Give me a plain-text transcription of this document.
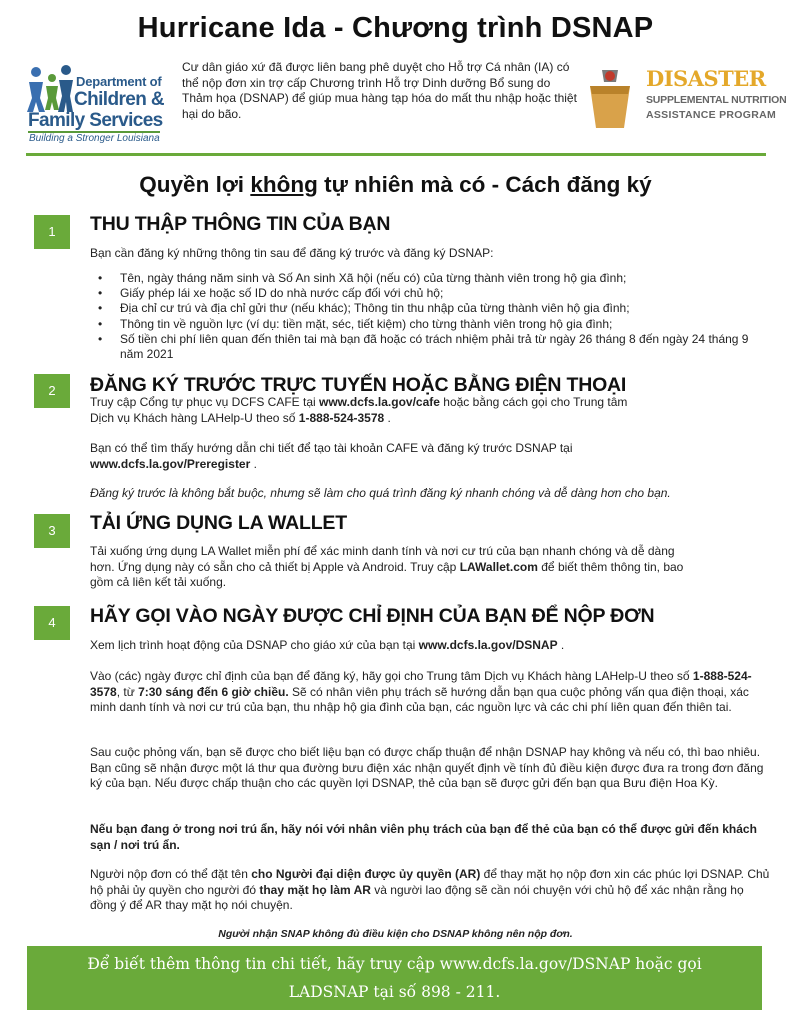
Hurricane Ida - Chương trình DSNAP
Department of
Children &
Family Services
Building a Stronger Louisiana
Cư dân giáo xứ đã được liên bang phê duyệt cho Hỗ trợ Cá nhân (IA) có thể nộp đơn xin trợ cấp Chương trình Hỗ trợ Dinh dưỡng Bổ sung do Thảm họa (DSNAP) để giúp mua hàng tạp hóa do mất thu nhập hoặc thiệt hại do bão.
DISASTER
SUPPLEMENTAL NUTRITION
ASSISTANCE PROGRAM
Quyền lợi không tự nhiên mà có - Cách đăng ký
1	THU THẬP THÔNG TIN CỦA BẠN
Bạn cần đăng ký những thông tin sau để đăng ký trước và đăng ký DSNAP:
• Tên, ngày tháng năm sinh và Số An sinh Xã hội (nếu có) của từng thành viên trong hộ gia đình;
• Giấy phép lái xe hoặc số ID do nhà nước cấp đối với chủ hộ;
• Địa chỉ cư trú và địa chỉ gửi thư (nếu khác); Thông tin thu nhập của từng thành viên hộ gia đình;
• Thông tin về nguồn lực (ví dụ: tiền mặt, séc, tiết kiệm) cho từng thành viên trong hộ gia đình;
• Số tiền chi phí liên quan đến thiên tai mà bạn đã hoặc có trách nhiệm phải trả từ ngày 26 tháng 8 đến ngày 24 tháng 9 năm 2021
2	ĐĂNG KÝ TRƯỚC TRỰC TUYẾN HOẶC BẰNG ĐIỆN THOẠI
Truy cập Cổng tự phục vụ DCFS CAFE tại www.dcfs.la.gov/cafe hoặc bằng cách gọi cho Trung tâm Dịch vụ Khách hàng LAHelp-U theo số 1-888-524-3578 .
Bạn có thể tìm thấy hướng dẫn chi tiết để tạo tài khoản CAFE và đăng ký trước DSNAP tại www.dcfs.la.gov/Preregister .
Đăng ký trước là không bắt buộc, nhưng sẽ làm cho quá trình đăng ký nhanh chóng và dễ dàng hơn cho bạn.
3	TẢI ỨNG DỤNG LA WALLET
Tải xuống ứng dụng LA Wallet miễn phí để xác minh danh tính và nơi cư trú của bạn nhanh chóng và dễ dàng hơn. Ứng dụng này có sẵn cho cả thiết bị Apple và Android. Truy cập LAWallet.com để biết thêm thông tin, bao gồm cả liên kết tải xuống.
4	HÃY GỌI VÀO NGÀY ĐƯỢC CHỈ ĐỊNH CỦA BẠN ĐỂ NỘP ĐƠN
Xem lịch trình hoạt động của DSNAP cho giáo xứ của bạn tại www.dcfs.la.gov/DSNAP .
Vào (các) ngày được chỉ định của bạn để đăng ký, hãy gọi cho Trung tâm Dịch vụ Khách hàng LAHelp-U theo số 1-888-524-3578, từ 7:30 sáng đến 6 giờ chiều. Sẽ có nhân viên phụ trách sẽ hướng dẫn bạn qua cuộc phỏng vấn qua điện thoại, xác minh danh tính và nơi cư trú của bạn, thu nhập hộ gia đình của bạn, các nguồn lực và các chi phí liên quan đến thiên tai.
Sau cuộc phỏng vấn, bạn sẽ được cho biết liệu bạn có được chấp thuận để nhận DSNAP hay không và nếu có, thì bao nhiêu. Bạn cũng sẽ nhận được một lá thư qua đường bưu điện xác nhận quyết định về tính đủ điều kiện được đưa ra trong đơn đăng ký của bạn. Nếu được chấp thuận cho các quyền lợi DSNAP, thẻ của bạn sẽ được gửi đến bạn qua Bưu điện Hoa Kỳ.
Nếu bạn đang ở trong nơi trú ẩn, hãy nói với nhân viên phụ trách của bạn để thẻ của bạn có thể được gửi đến khách sạn / nơi trú ẩn.
Người nộp đơn có thể đặt tên cho Người đại diện được ủy quyền (AR) để thay mặt họ nộp đơn xin các phúc lợi DSNAP. Chủ hộ phải ủy quyền cho người đó thay mặt họ làm AR và người lao động sẽ cần nói chuyện với chủ hộ để xác nhận rằng họ đồng ý để AR thay mặt họ nói chuyện.
Người nhận SNAP không đủ điều kiện cho DSNAP không nên nộp đơn.
Để biết thêm thông tin chi tiết, hãy truy cập www.dcfs.la.gov/DSNAP hoặc gọi
LADSNAP tại số 898 - 211.
